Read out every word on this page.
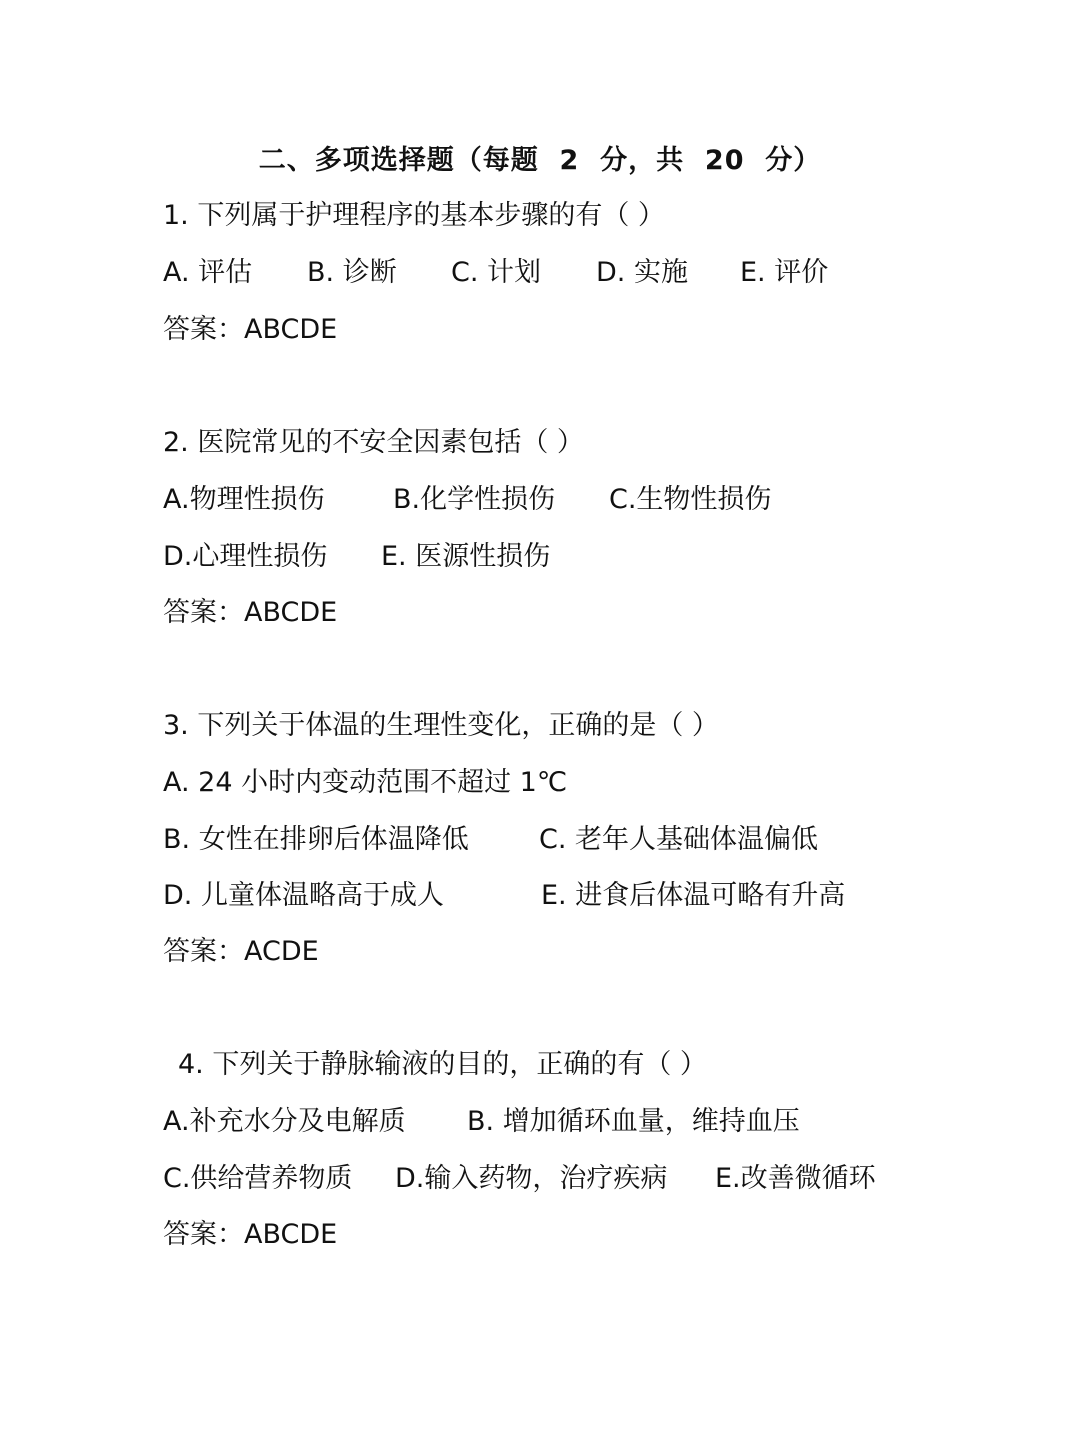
二、多项选择题（每题  2  分，共  20  分）
1. 下列属于护理程序的基本步骤的有（ ）
A. 评估 B. 诊断 C. 计划 D. 实施 E. 评价
答案：ABCDE
2. 医院常见的不安全因素包括（ ）
A.物理性损伤	B.化学性损伤 C.生物性损伤
D.心理性损伤 E. 医源性损伤
答案：ABCDE
3. 下列关于体温的生理性变化，正确的是（ ）
A. 24 小时内变动范围不超过 1℃
B. 女性在排卵后体温降低	C. 老年人基础体温偏低
D. 儿童体温略高于成人	E. 进食后体温可略有升高
答案：ACDE
4. 下列关于静脉输液的目的，正确的有（ ）
A.补充水分及电解质 B. 增加循环血量，维持血压
C.供给营养物质 D.输入药物，治疗疾病 E.改善微循环
答案：ABCDE
